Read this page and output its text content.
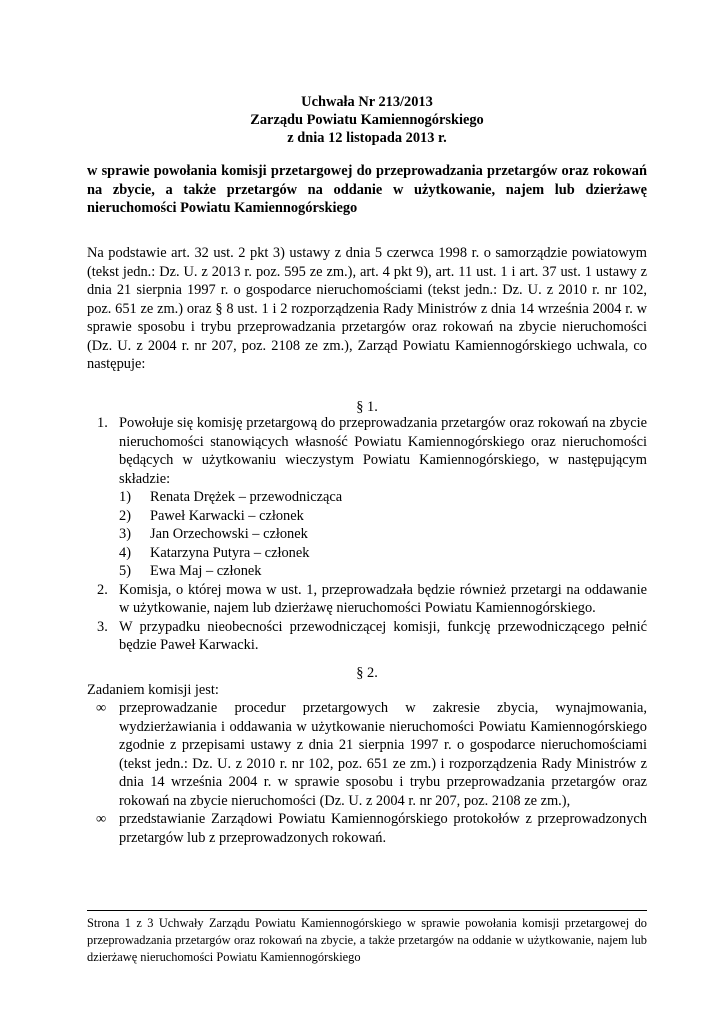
Uchwała Nr 213/2013
Zarządu Powiatu Kamiennogórskiego
z dnia 12 listopada 2013 r.
w sprawie powołania komisji przetargowej do przeprowadzania przetargów oraz rokowań na zbycie, a także przetargów na oddanie w użytkowanie, najem lub dzierżawę nieruchomości Powiatu Kamiennogórskiego
Na podstawie art. 32 ust. 2 pkt 3) ustawy z dnia 5 czerwca 1998 r. o samorządzie powiatowym (tekst jedn.: Dz. U. z 2013 r. poz. 595 ze zm.), art. 4 pkt 9), art. 11 ust. 1 i art. 37 ust. 1 ustawy z dnia 21 sierpnia 1997 r. o gospodarce nieruchomościami (tekst jedn.: Dz. U. z 2010 r. nr 102, poz. 651 ze zm.) oraz § 8 ust. 1 i 2 rozporządzenia Rady Ministrów z dnia 14 września 2004 r. w sprawie sposobu i trybu przeprowadzania przetargów oraz rokowań na zbycie nieruchomości (Dz. U. z 2004 r. nr 207, poz. 2108 ze zm.), Zarząd Powiatu Kamiennogórskiego uchwala, co następuje:
§ 1.
1. Powołuje się komisję przetargową do przeprowadzania przetargów oraz rokowań na zbycie nieruchomości stanowiących własność Powiatu Kamiennogórskiego oraz nieruchomości będących w użytkowaniu wieczystym Powiatu Kamiennogórskiego, w następującym składzie:
1) Renata Drężek – przewodnicząca
2) Paweł Karwacki – członek
3) Jan Orzechowski – członek
4) Katarzyna Putyra – członek
5) Ewa Maj – członek
2. Komisja, o której mowa w ust. 1, przeprowadzała będzie również przetargi na oddawanie w użytkowanie, najem lub dzierżawę nieruchomości Powiatu Kamiennogórskiego.
3. W przypadku nieobecności przewodniczącej komisji, funkcję przewodniczącego pełnić będzie Paweł Karwacki.
§ 2.
Zadaniem komisji jest:
∞ przeprowadzanie procedur przetargowych w zakresie zbycia, wynajmowania, wydzierżawiania i oddawania w użytkowanie nieruchomości Powiatu Kamiennogórskiego zgodnie z przepisami ustawy z dnia 21 sierpnia 1997 r. o gospodarce nieruchomościami (tekst jedn.: Dz. U. z 2010 r. nr 102, poz. 651 ze zm.) i rozporządzenia Rady Ministrów z dnia 14 września 2004 r. w sprawie sposobu i trybu przeprowadzania przetargów oraz rokowań na zbycie nieruchomości (Dz. U. z 2004 r. nr 207, poz. 2108 ze zm.),
∞ przedstawianie Zarządowi Powiatu Kamiennogórskiego protokołów z przeprowadzonych przetargów lub z przeprowadzonych rokowań.
Strona 1 z 3 Uchwały Zarządu Powiatu Kamiennogórskiego w sprawie powołania komisji przetargowej do przeprowadzania przetargów oraz rokowań na zbycie, a także przetargów na oddanie w użytkowanie, najem lub dzierżawę nieruchomości Powiatu Kamiennogórskiego
